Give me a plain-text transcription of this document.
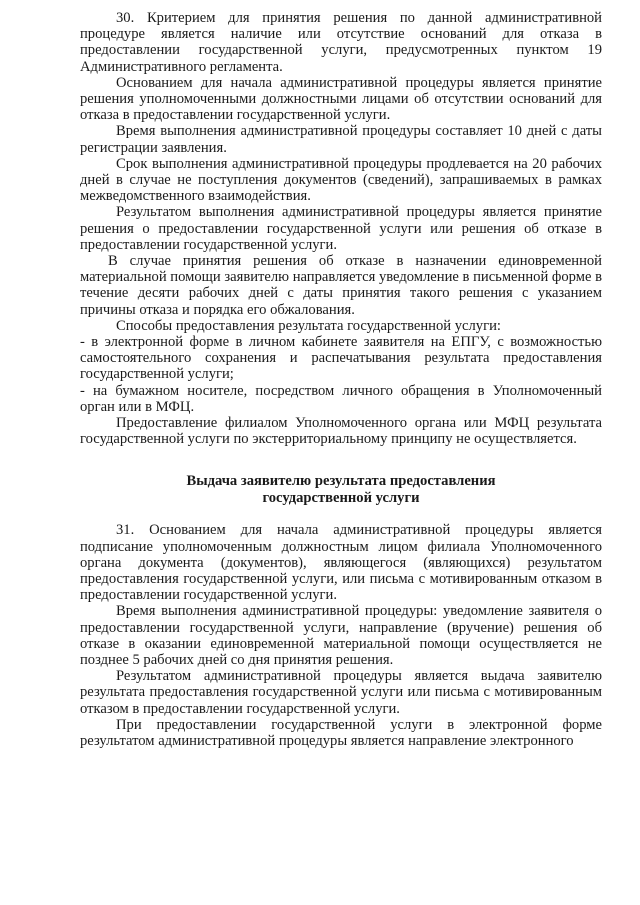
30. Критерием для принятия решения по данной административной процедуре является наличие или отсутствие оснований для отказа в предоставлении государственной услуги, предусмотренных пунктом 19 Административного регламента.

Основанием для начала административной процедуры является принятие решения уполномоченными должностными лицами об отсутствии оснований для отказа в предоставлении государственной услуги.

Время выполнения административной процедуры составляет 10 дней с даты регистрации заявления.

Срок выполнения административной процедуры продлевается на 20 рабочих дней в случае не поступления документов (сведений), запрашиваемых в рамках межведомственного взаимодействия.

Результатом выполнения административной процедуры является принятие решения о предоставлении государственной услуги или решения об отказе в предоставлении государственной услуги.

В случае принятия решения об отказе в назначении единовременной материальной помощи заявителю направляется уведомление в письменной форме в течение десяти рабочих дней с даты принятия такого решения с указанием причины отказа и порядка его обжалования.

Способы предоставления результата государственной услуги:

- в электронной форме в личном кабинете заявителя на ЕПГУ, с возможностью самостоятельного сохранения и распечатывания результата предоставления государственной услуги;

- на бумажном носителе, посредством личного обращения в Уполномоченный орган или в МФЦ.

Предоставление филиалом Уполномоченного органа или МФЦ результата государственной услуги по экстерриториальному принципу не осуществляется.

Выдача заявителю результата предоставления
государственной услуги

31. Основанием для начала административной процедуры является подписание уполномоченным должностным лицом филиала Уполномоченного органа документа (документов), являющегося (являющихся) результатом предоставления государственной услуги, или письма с мотивированным отказом в предоставлении государственной услуги.

Время выполнения административной процедуры: уведомление заявителя о предоставлении государственной услуги, направление (вручение) решения об отказе в оказании единовременной материальной помощи осуществляется не позднее 5 рабочих дней со дня принятия решения.

Результатом административной процедуры является выдача заявителю результата предоставления государственной услуги или письма с мотивированным отказом в предоставлении государственной услуги.

При предоставлении государственной услуги в электронной форме результатом административной процедуры является направление электронного
